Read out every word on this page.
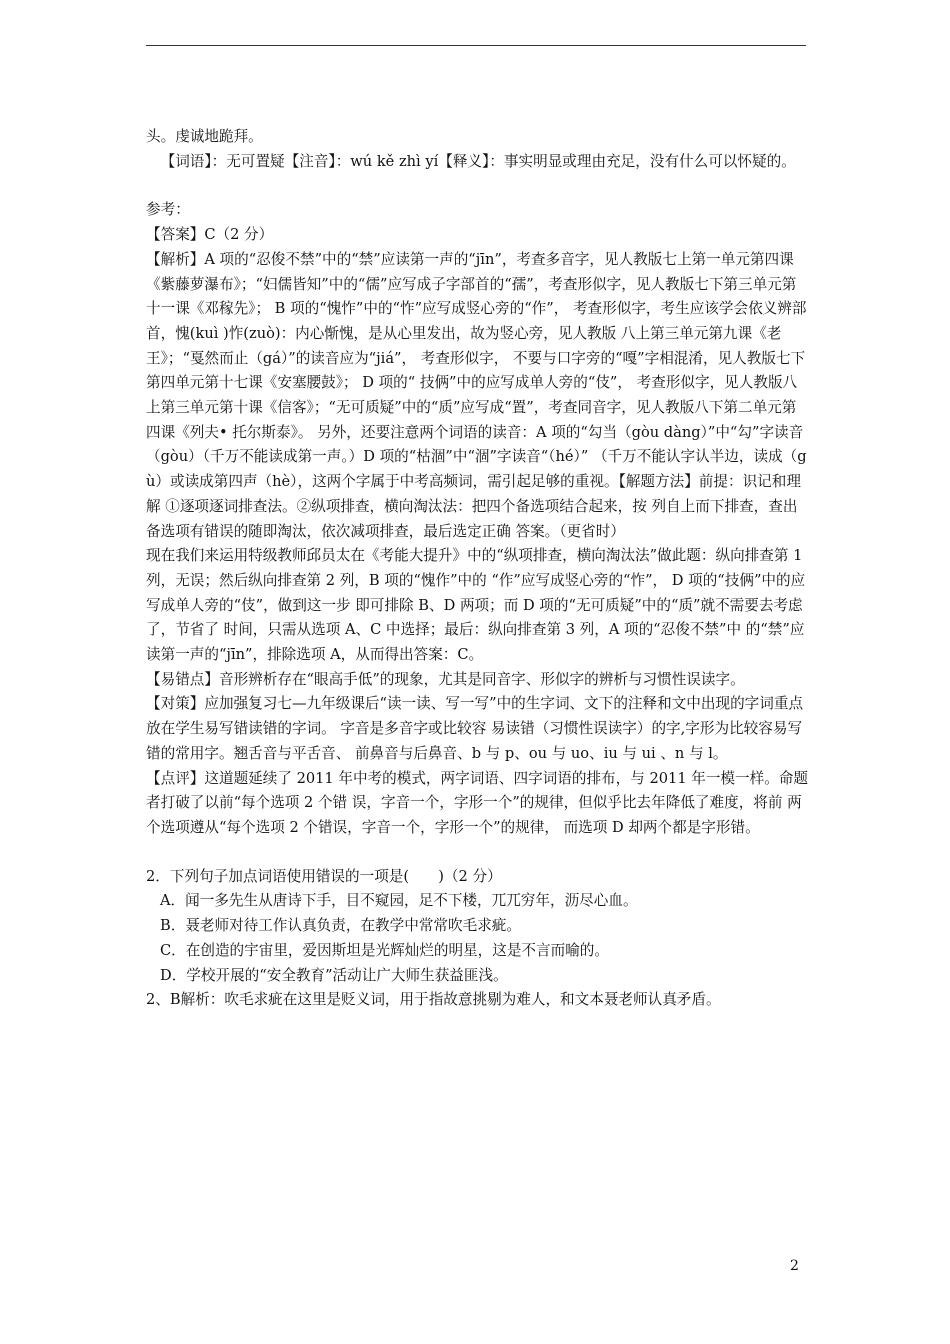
头。虔诚地跪拜。

【词语】：无可置疑【注音】：wú kě zhì yí【释义】：事实明显或理由充足，没有什么可以怀疑的。

参考：

【答案】C（2 分）

【解析】A 项的“忍俊不禁”中的“禁”应读第一声的“jīn”，考查多音字，见人教版七上第一单元第四课《紫藤萝瀑布》；“妇儒皆知”中的“儒”应写成子字部首的“孺”，考查形似字，见人教版七下第三单元第十一课《邓稼先》； B 项的“愧怍”中的“怍”应写成竖心旁的“作”， 考查形似字，考生应该学会依义辨部首，愧(kuì )怍(zuò)：内心惭愧，是从心里发出，故为竖心旁，见人教版 八上第三单元第九课《老王》；“戛然而止（gá）”的读音应为“jiá”， 考查形似字， 不要与口字旁的“嘎”字相混淆，见人教版七下第四单元第十七课《安塞腰鼓》； D 项的“ 技俩”中的应写成单人旁的“伎”， 考查形似字，见人教版八上第三单元第十课《信客》；“无可质疑”中的“质”应写成“置”，考查同音字，见人教版八下第二单元第四课《列夫• 托尔斯泰》。 另外，还要注意两个词语的读音：A 项的“勾当（gòu dàng）”中“勾”字读音 （gòu）（千万不能读成第一声。）D 项的“枯涸”中“涸”字读音“（hé）” （千万不能认字认半边，读成（gù）或读成第四声（hè），这两个字属于中考高频词，需引起足够的重视。【解题方法】前提：识记和理解 ①逐项逐词排查法。②纵项排查，横向淘汰法：把四个备选项结合起来，按 列自上而下排查，查出备选项有错误的随即淘汰，依次减项排查，最后选定正确 答案。（更省时）

现在我们来运用特级教师邱员太在《考能大提升》中的“纵项排查，横向淘汰法”做此题：纵向排查第 1 列，无误；然后纵向排查第 2 列，B 项的“愧作”中的 “作”应写成竖心旁的“怍”， D 项的“技俩”中的应写成单人旁的“伎”，做到这一步 即可排除 B、D 两项；而 D 项的“无可质疑”中的“质”就不需要去考虑了，节省了 时间，只需从选项 A、C 中选择；最后：纵向排查第 3 列，A 项的“忍俊不禁”中 的“禁”应读第一声的“jīn”，排除选项 A，从而得出答案：C。

【易错点】音形辨析存在“眼高手低”的现象，尤其是同音字、形似字的辨析与习惯性误读字。

【对策】应加强复习七—九年级课后“读一读、写一写”中的生字词、文下的注释和文中出现的字词重点放在学生易写错读错的字词。 字音是多音字或比较容 易读错（习惯性误读字）的字,字形为比较容易写错的常用字。翘舌音与平舌音、 前鼻音与后鼻音、b 与 p、ou 与 uo、iu 与 ui 、n 与 l。

【点评】这道题延续了 2011 年中考的模式，两字词语、四字词语的排布，与 2011 年一模一样。命题者打破了以前“每个选项 2 个错 误，字音一个，字形一个”的规律，但似乎比去年降低了难度，将前 两个选项遵从“每个选项 2 个错误，字音一个，字形一个”的规律， 而选项 D 却两个都是字形错。

2．下列句子加点词语使用错误的一项是(　　)（2 分）

A．闻一多先生从唐诗下手，目不窥园，足不下楼，兀兀穷年，沥尽心血。

B．聂老师对待工作认真负责，在教学中常常吹毛求疵。

C．在创造的宇宙里，爱因斯坦是光辉灿烂的明星，这是不言而喻的。

D．学校开展的“安全教育”活动让广大师生获益匪浅。

2、B解析：吹毛求疵在这里是贬义词，用于指故意挑剔为难人，和文本聂老师认真矛盾。

2
